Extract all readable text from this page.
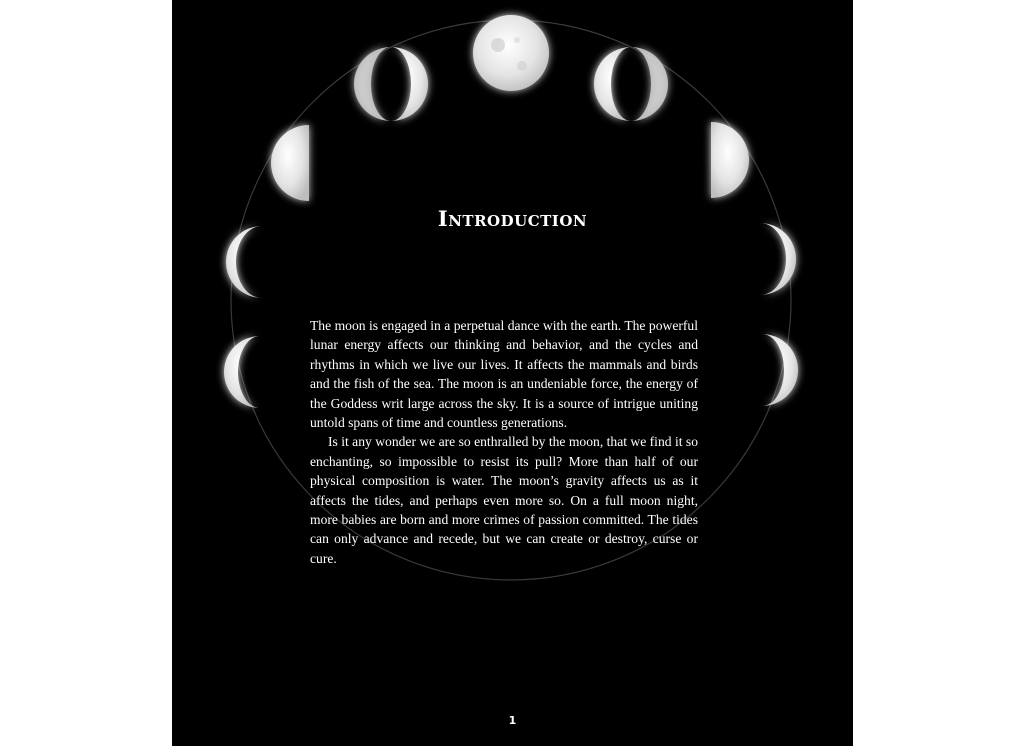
Introduction

The moon is engaged in a perpetual dance with the earth. The powerful lunar energy affects our thinking and behavior, and the cycles and rhythms in which we live our lives. It affects the mammals and birds and the fish of the sea. The moon is an undeniable force, the energy of the Goddess writ large across the sky. It is a source of intrigue uniting untold spans of time and countless generations.

Is it any wonder we are so enthralled by the moon, that we find it so enchanting, so impossible to resist its pull? More than half of our physical composition is water. The moon’s gravity affects us as it affects the tides, and perhaps even more so. On a full moon night, more babies are born and more crimes of passion committed. The tides can only advance and recede, but we can create or destroy, curse or cure.

1
